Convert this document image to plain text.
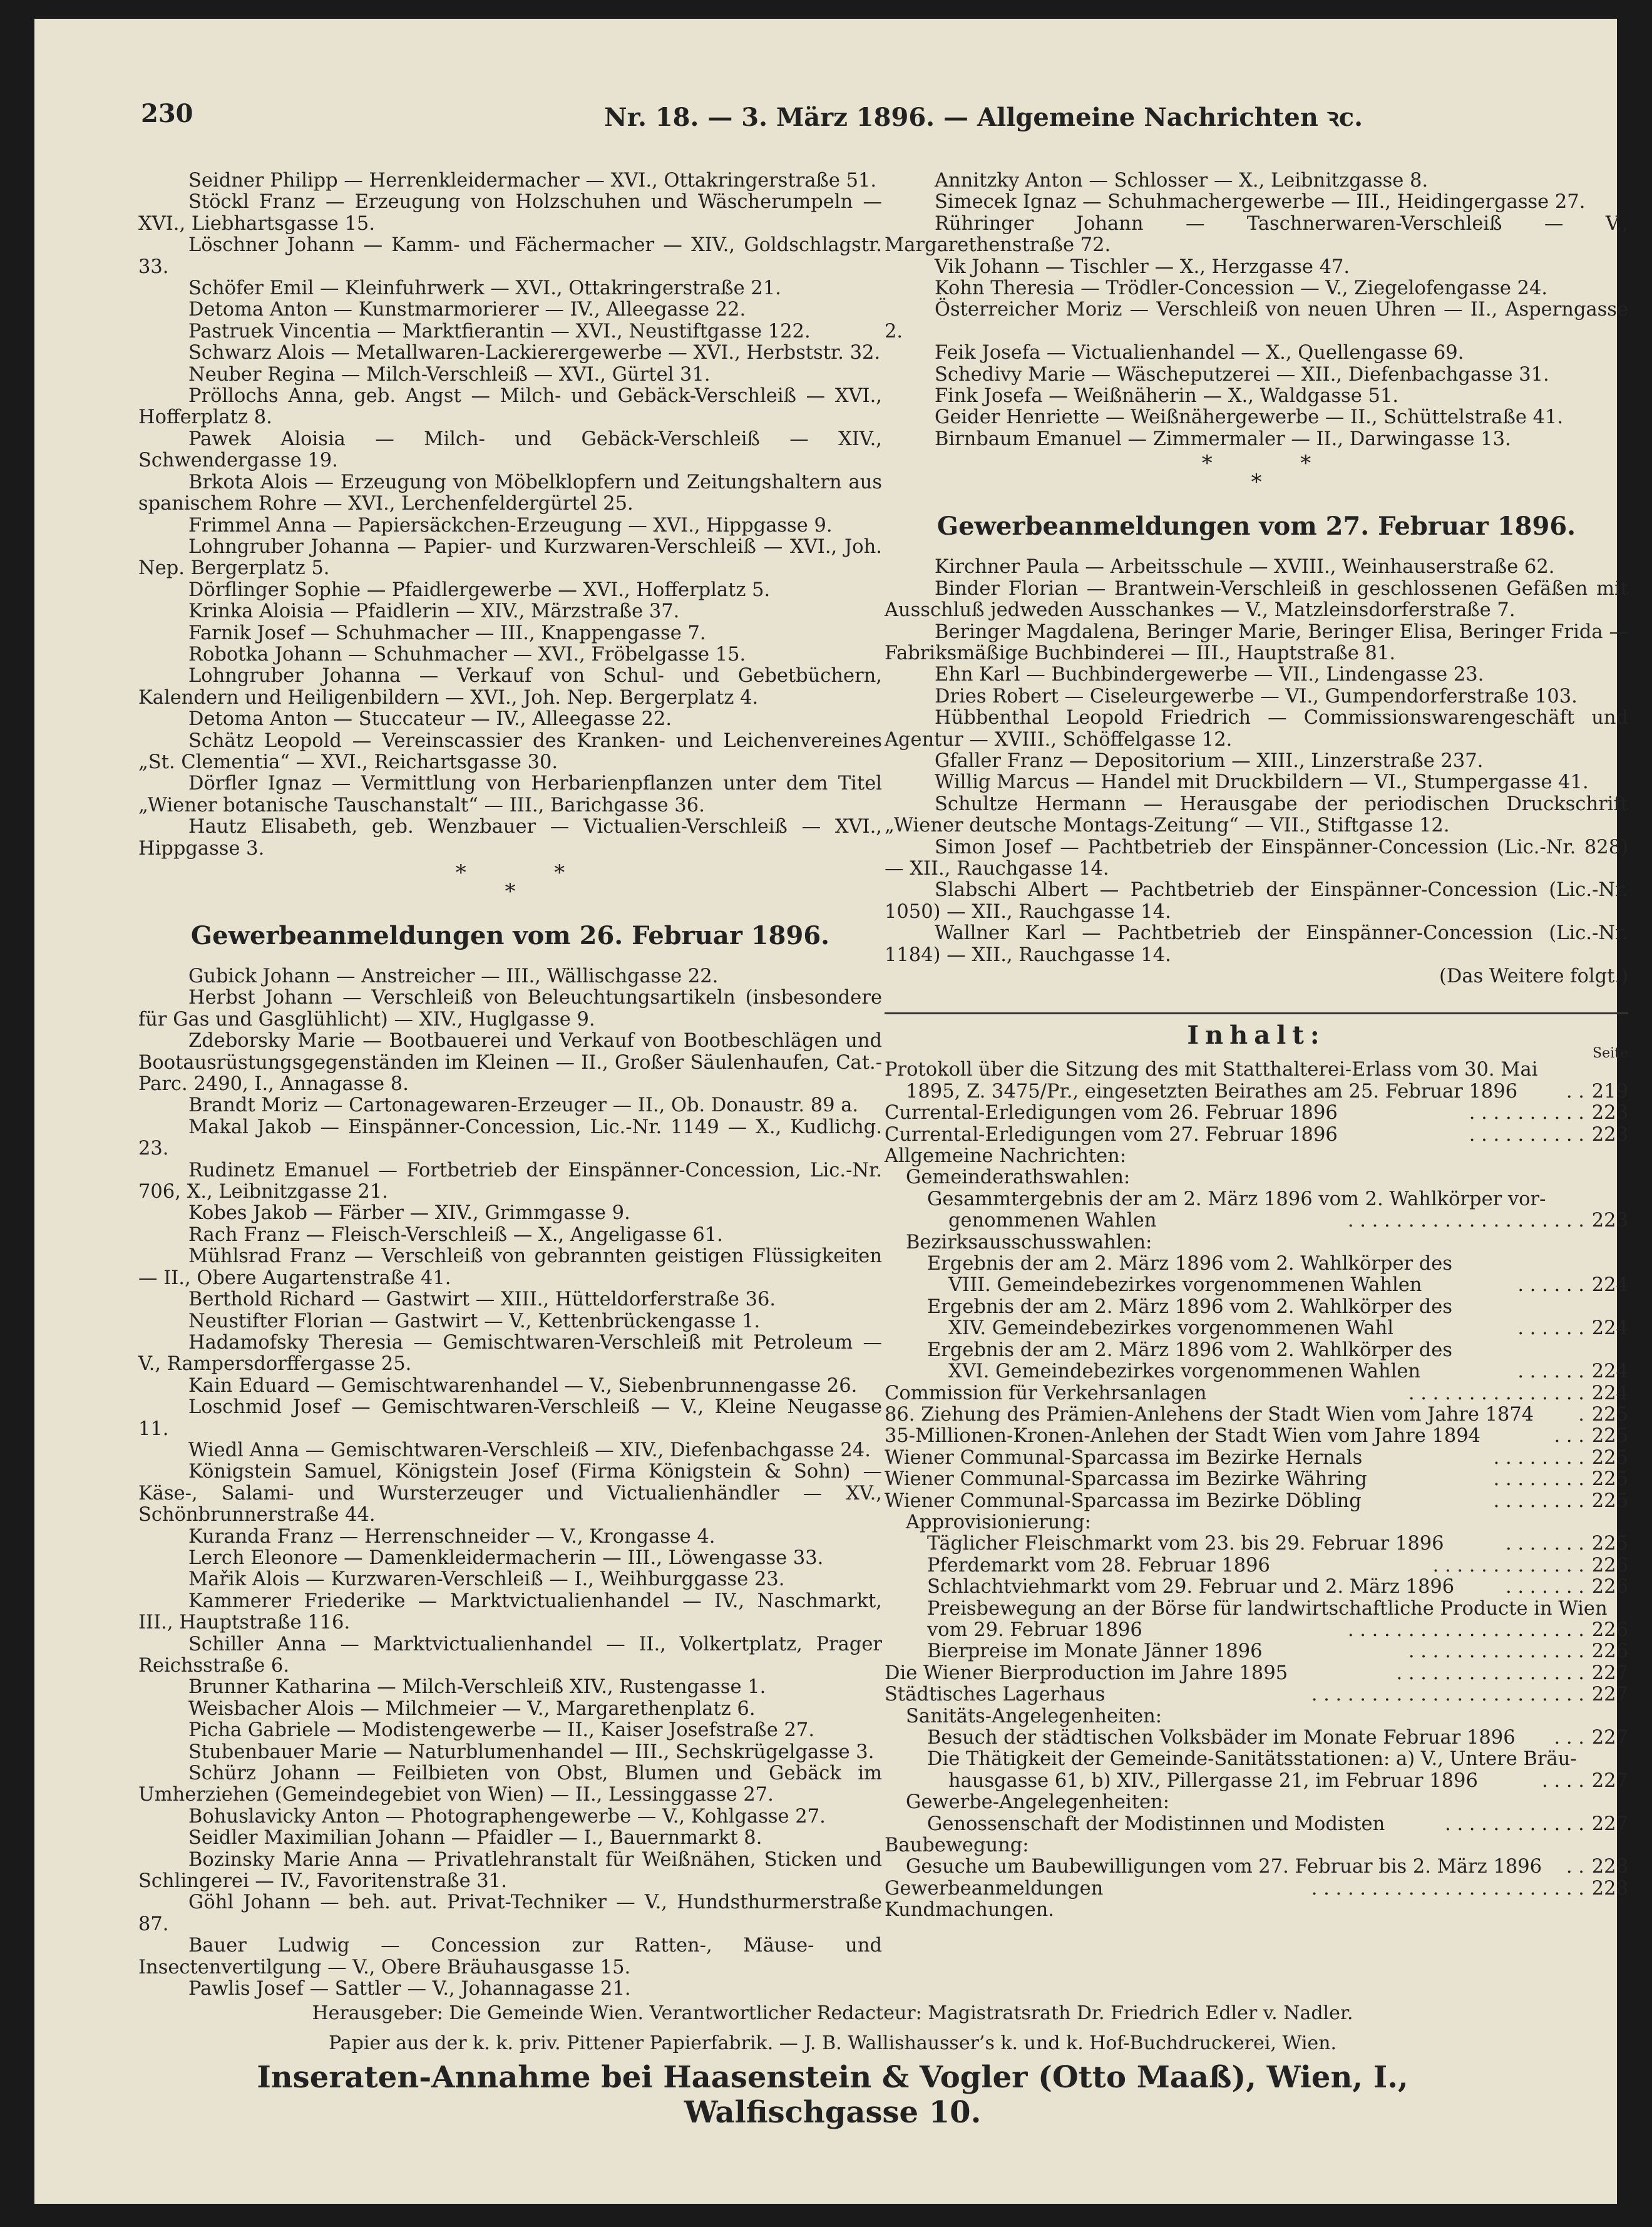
230	Nr. 18. — 3. März 1896. — Allgemeine Nachrichten ꝛc.

Seidner Philipp — Herrenkleidermacher — XVI., Ottakringerstraße 51.

Stöckl Franz — Erzeugung von Holzschuhen und Wäscherumpeln — XVI., Liebhartsgasse 15.

Löschner Johann — Kamm- und Fächermacher — XIV., Goldschlagstr. 33.

Schöfer Emil — Kleinfuhrwerk — XVI., Ottakringerstraße 21.

Detoma Anton — Kunstmarmorierer — IV., Alleegasse 22.

Pastruek Vincentia — Marktfierantin — XVI., Neustiftgasse 122.

Schwarz Alois — Metallwaren-Lackierergewerbe — XVI., Herbststr. 32.

Neuber Regina — Milch-Verschleiß — XVI., Gürtel 31.

Pröllochs Anna, geb. Angst — Milch- und Gebäck-Verschleiß — XVI., Hofferplatz 8.

Pawek Aloisia — Milch- und Gebäck-Verschleiß — XIV., Schwendergasse 19.

Brkota Alois — Erzeugung von Möbelklopfern und Zeitungshaltern aus spanischem Rohre — XVI., Lerchenfeldergürtel 25.

Frimmel Anna — Papiersäckchen-Erzeugung — XVI., Hippgasse 9.

Lohngruber Johanna — Papier- und Kurzwaren-Verschleiß — XVI., Joh. Nep. Bergerplatz 5.

Dörflinger Sophie — Pfaidlergewerbe — XVI., Hofferplatz 5.

Krinka Aloisia — Pfaidlerin — XIV., Märzstraße 37.

Farnik Josef — Schuhmacher — III., Knappengasse 7.

Robotka Johann — Schuhmacher — XVI., Fröbelgasse 15.

Lohngruber Johanna — Verkauf von Schul- und Gebetbüchern, Kalendern und Heiligenbildern — XVI., Joh. Nep. Bergerplatz 4.

Detoma Anton — Stuccateur — IV., Alleegasse 22.

Schätz Leopold — Vereinscassier des Kranken- und Leichenvereines „St. Clementia“ — XVI., Reichartsgasse 30.

Dörfler Ignaz — Vermittlung von Herbarienpflanzen unter dem Titel „Wiener botanische Tauschanstalt“ — III., Barichgasse 36.

Hautz Elisabeth, geb. Wenzbauer — Victualien-Verschleiß — XVI., Hippgasse 3.

*             *
*
Gewerbeanmeldungen vom 26. Februar 1896.

Gubick Johann — Anstreicher — III., Wällischgasse 22.

Herbst Johann — Verschleiß von Beleuchtungsartikeln (insbesondere für Gas und Gasglühlicht) — XIV., Huglgasse 9.

Zdeborsky Marie — Bootbauerei und Verkauf von Bootbeschlägen und Bootausrüstungsgegenständen im Kleinen — II., Großer Säulenhaufen, Cat.-Parc. 2490, I., Annagasse 8.

Brandt Moriz — Cartonagewaren-Erzeuger — II., Ob. Donaustr. 89 a.

Makal Jakob — Einspänner-Concession, Lic.-Nr. 1149 — X., Kudlichg. 23.

Rudinetz Emanuel — Fortbetrieb der Einspänner-Concession, Lic.-Nr. 706, X., Leibnitzgasse 21.

Kobes Jakob — Färber — XIV., Grimmgasse 9.

Rach Franz — Fleisch-Verschleiß — X., Angeligasse 61.

Mühlsrad Franz — Verschleiß von gebrannten geistigen Flüssigkeiten — II., Obere Augartenstraße 41.

Berthold Richard — Gastwirt — XIII., Hütteldorferstraße 36.

Neustifter Florian — Gastwirt — V., Kettenbrückengasse 1.

Hadamofsky Theresia — Gemischtwaren-Verschleiß mit Petroleum — V., Rampersdorffergasse 25.

Kain Eduard — Gemischtwarenhandel — V., Siebenbrunnengasse 26.

Loschmid Josef — Gemischtwaren-Verschleiß — V., Kleine Neugasse 11.

Wiedl Anna — Gemischtwaren-Verschleiß — XIV., Diefenbachgasse 24.

Königstein Samuel, Königstein Josef (Firma Königstein & Sohn) — Käse-, Salami- und Wursterzeuger und Victualienhändler — XV., Schönbrunnerstraße 44.

Kuranda Franz — Herrenschneider — V., Krongasse 4.

Lerch Eleonore — Damenkleidermacherin — III., Löwengasse 33.

Mařik Alois — Kurzwaren-Verschleiß — I., Weihburggasse 23.

Kammerer Friederike — Marktvictualienhandel — IV., Naschmarkt, III., Hauptstraße 116.

Schiller Anna — Marktvictualienhandel — II., Volkertplatz, Prager Reichsstraße 6.

Brunner Katharina — Milch-Verschleiß XIV., Rustengasse 1.

Weisbacher Alois — Milchmeier — V., Margarethenplatz 6.

Picha Gabriele — Modistengewerbe — II., Kaiser Josefstraße 27.

Stubenbauer Marie — Naturblumenhandel — III., Sechskrügelgasse 3.

Schürz Johann — Feilbieten von Obst, Blumen und Gebäck im Umherziehen (Gemeindegebiet von Wien) — II., Lessinggasse 27.

Bohuslavicky Anton — Photographengewerbe — V., Kohlgasse 27.

Seidler Maximilian Johann — Pfaidler — I., Bauernmarkt 8.

Bozinsky Marie Anna — Privatlehranstalt für Weißnähen, Sticken und Schlingerei — IV., Favoritenstraße 31.

Göhl Johann — beh. aut. Privat-Techniker — V., Hundsthurmerstraße 87.

Bauer Ludwig — Concession zur Ratten-, Mäuse- und Insectenvertilgung — V., Obere Bräuhausgasse 15.

Pawlis Josef — Sattler — V., Johannagasse 21.

Annitzky Anton — Schlosser — X., Leibnitzgasse 8.

Simecek Ignaz — Schuhmachergewerbe — III., Heidingergasse 27.

Rühringer Johann — Taschnerwaren-Verschleiß — V., Margarethenstraße 72.

Vik Johann — Tischler — X., Herzgasse 47.

Kohn Theresia — Trödler-Concession — V., Ziegelofengasse 24.

Österreicher Moriz — Verschleiß von neuen Uhren — II., Asperngasse 2.

Feik Josefa — Victualienhandel — X., Quellengasse 69.

Schedivy Marie — Wäscheputzerei — XII., Diefenbachgasse 31.

Fink Josefa — Weißnäherin — X., Waldgasse 51.

Geider Henriette — Weißnähergewerbe — II., Schüttelstraße 41.

Birnbaum Emanuel — Zimmermaler — II., Darwingasse 13.

*             *
*
Gewerbeanmeldungen vom 27. Februar 1896.

Kirchner Paula — Arbeitsschule — XVIII., Weinhauserstraße 62.

Binder Florian — Brantwein-Verschleiß in geschlossenen Gefäßen mit Ausschluß jedweden Ausschankes — V., Matzleinsdorferstraße 7.

Beringer Magdalena, Beringer Marie, Beringer Elisa, Beringer Frida — Fabriksmäßige Buchbinderei — III., Hauptstraße 81.

Ehn Karl — Buchbindergewerbe — VII., Lindengasse 23.

Dries Robert — Ciseleurgewerbe — VI., Gumpendorferstraße 103.

Hübbenthal Leopold Friedrich — Commissionswarengeschäft und Agentur — XVIII., Schöffelgasse 12.

Gfaller Franz — Depositorium — XIII., Linzerstraße 237.

Willig Marcus — Handel mit Druckbildern — VI., Stumpergasse 41.

Schultze Hermann — Herausgabe der periodischen Druckschrift „Wiener deutsche Montags-Zeitung“ — VII., Stiftgasse 12.

Simon Josef — Pachtbetrieb der Einspänner-Concession (Lic.-Nr. 828) — XII., Rauchgasse 14.

Slabschi Albert — Pachtbetrieb der Einspänner-Concession (Lic.-Nr. 1050) — XII., Rauchgasse 14.

Wallner Karl — Pachtbetrieb der Einspänner-Concession (Lic.-Nr. 1184) — XII., Rauchgasse 14.

(Das Weitere folgt.)
Inhalt:
Seite
Protokoll über die Sitzung des mit Statthalterei-Erlass vom 30. Mai
1895, Z. 3475/Pr., eingesetzten Beirathes am 25. Februar 1896	. . 219
Currental-Erledigungen vom 26. Februar 1896	. . . . . . . . . . 223
Currental-Erledigungen vom 27. Februar 1896	. . . . . . . . . . 223
Allgemeine Nachrichten:
Gemeinderathswahlen:
Gesammtergebnis der am 2. März 1896 vom 2. Wahlkörper vor-
genommenen Wahlen	. . . . . . . . . . . . . . . . . . . . 223
Bezirksausschusswahlen:
Ergebnis der am 2. März 1896 vom 2. Wahlkörper des
VIII. Gemeindebezirkes vorgenommenen Wahlen	. . . . . . 224
Ergebnis der am 2. März 1896 vom 2. Wahlkörper des
XIV. Gemeindebezirkes vorgenommenen Wahl	. . . . . . 224
Ergebnis der am 2. März 1896 vom 2. Wahlkörper des
XVI. Gemeindebezirkes vorgenommenen Wahlen	. . . . . . 224
Commission für Verkehrsanlagen	. . . . . . . . . . . . . . . 224
86. Ziehung des Prämien-Anlehens der Stadt Wien vom Jahre 1874	. 225
35-Millionen-Kronen-Anlehen der Stadt Wien vom Jahre 1894	. . . 225
Wiener Communal-Sparcassa im Bezirke Hernals	. . . . . . . . 225
Wiener Communal-Sparcassa im Bezirke Währing	. . . . . . . . 225
Wiener Communal-Sparcassa im Bezirke Döbling	. . . . . . . . 225
Approvisionierung:
Täglicher Fleischmarkt vom 23. bis 29. Februar 1896	. . . . . . . 225
Pferdemarkt vom 28. Februar 1896	. . . . . . . . . . . . . 226
Schlachtviehmarkt vom 29. Februar und 2. März 1896	. . . . . . . 226
Preisbewegung an der Börse für landwirtschaftliche Producte in Wien
vom 29. Februar 1896	. . . . . . . . . . . . . . . . . . . . 226
Bierpreise im Monate Jänner 1896	. . . . . . . . . . . . . . . 226
Die Wiener Bierproduction im Jahre 1895	. . . . . . . . . . . . . . . . 227
Städtisches Lagerhaus	. . . . . . . . . . . . . . . . . . . . . . . 227
Sanitäts-Angelegenheiten:
Besuch der städtischen Volksbäder im Monate Februar 1896	. . . 227
Die Thätigkeit der Gemeinde-Sanitätsstationen: a) V., Untere Bräu-
hausgasse 61, b) XIV., Pillergasse 21, im Februar 1896	. . . . 227
Gewerbe-Angelegenheiten:
Genossenschaft der Modistinnen und Modisten	. . . . . . . . . . . . 227
Baubewegung:
Gesuche um Baubewilligungen vom 27. Februar bis 2. März 1896	. . 228
Gewerbeanmeldungen	. . . . . . . . . . . . . . . . . . . . . . . 228
Kundmachungen.
Herausgeber: Die Gemeinde Wien. Verantwortlicher Redacteur: Magistratsrath Dr. Friedrich Edler v. Nadler.
Papier aus der k. k. priv. Pittener Papierfabrik. — J. B. Wallishausser’s k. und k. Hof-Buchdruckerei, Wien.
Inseraten-Annahme bei Haasenstein & Vogler (Otto Maaß), Wien, I., Walfischgasse 10.
